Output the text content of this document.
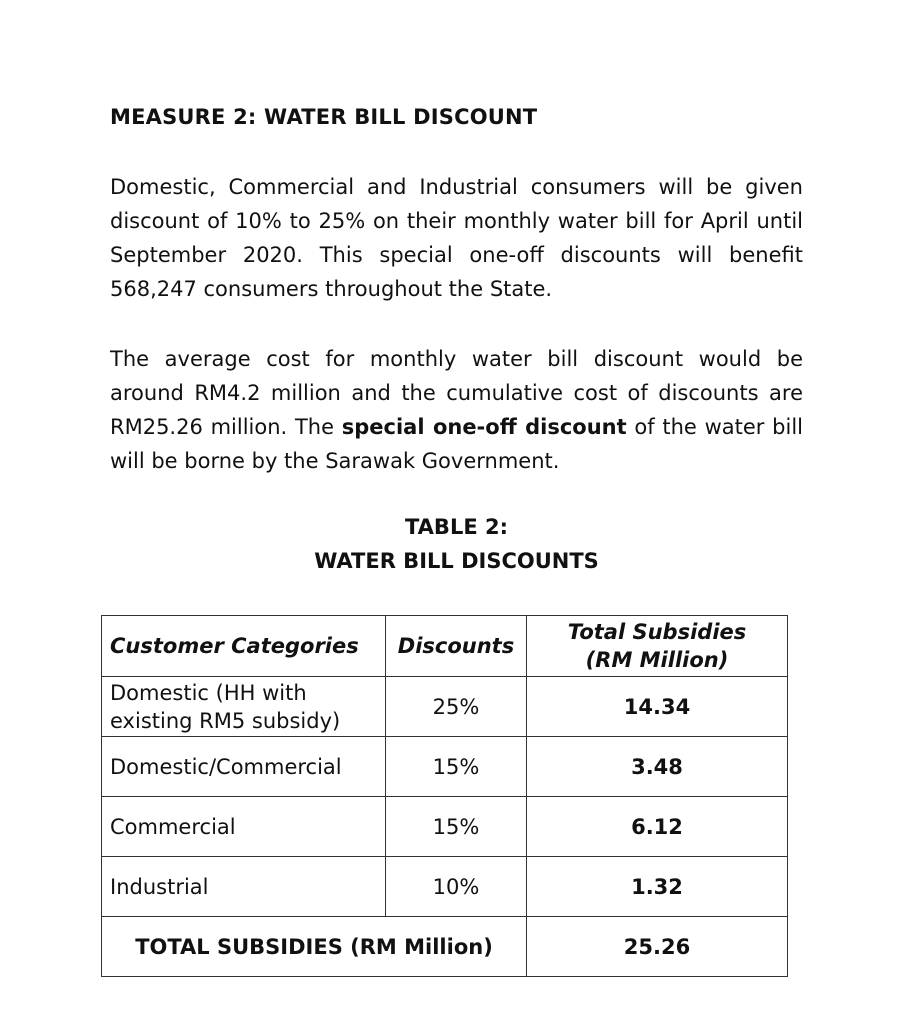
MEASURE 2: WATER BILL DISCOUNT

Domestic, Commercial and Industrial consumers will be given discount of 10% to 25% on their monthly water bill for April until September 2020. This special one-off discounts will benefit 568,247 consumers throughout the State.

The average cost for monthly water bill discount would be around RM4.2 million and the cumulative cost of discounts are RM25.26 million. The special one-off discount of the water bill will be borne by the Sarawak Government.

TABLE 2:
WATER BILL DISCOUNTS
Customer Categories	Discounts	Total Subsidies
(RM Million)
Domestic (HH with
existing RM5 subsidy)	25%	14.34
Domestic/Commercial	15%	3.48
Commercial	15%	6.12
Industrial	10%	1.32
TOTAL SUBSIDIES (RM Million)		25.26
